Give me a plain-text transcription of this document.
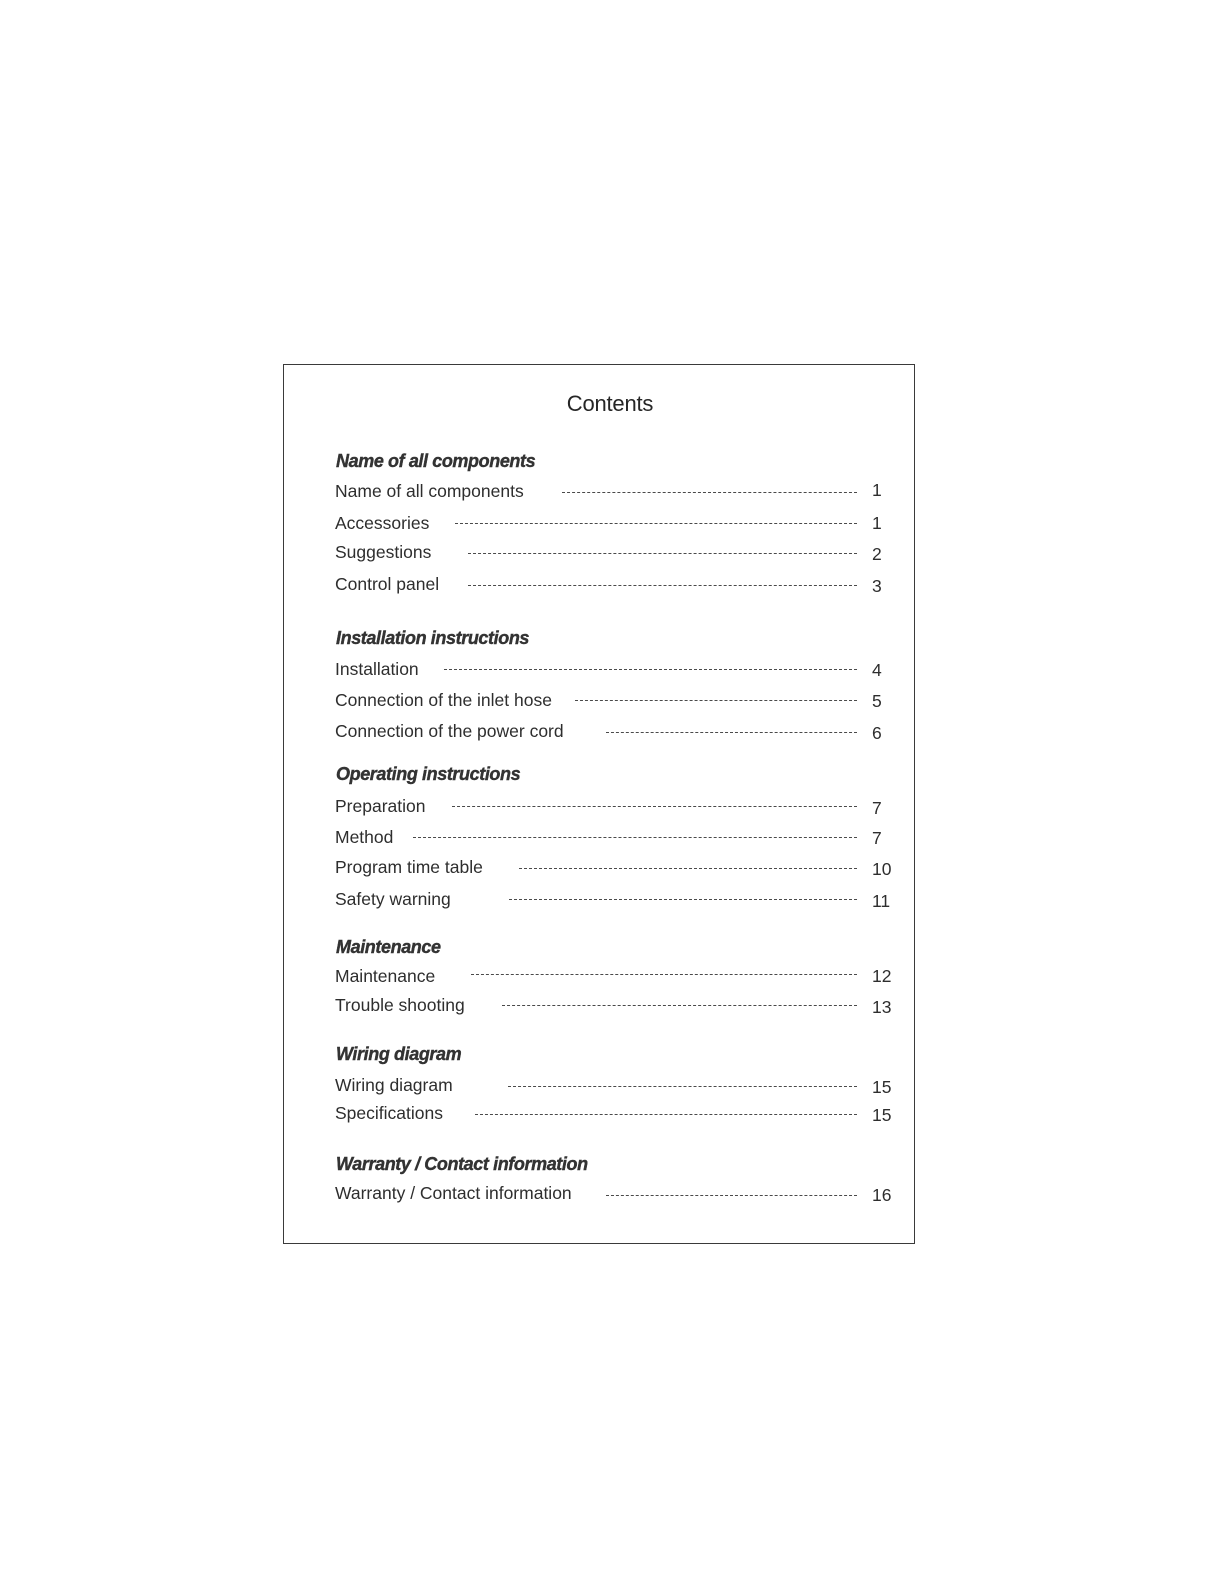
Contents
Name of all components
Name of all components	1
Accessories	1
Suggestions	2
Control panel	3
Installation instructions
Installation	4
Connection of the inlet hose	5
Connection of the power cord	6
Operating instructions
Preparation	7
Method	7
Program time table	10
Safety warning	11
Maintenance
Maintenance	12
Trouble shooting	13
Wiring diagram
Wiring diagram	15
Specifications	15
Warranty / Contact information
Warranty / Contact information	16
